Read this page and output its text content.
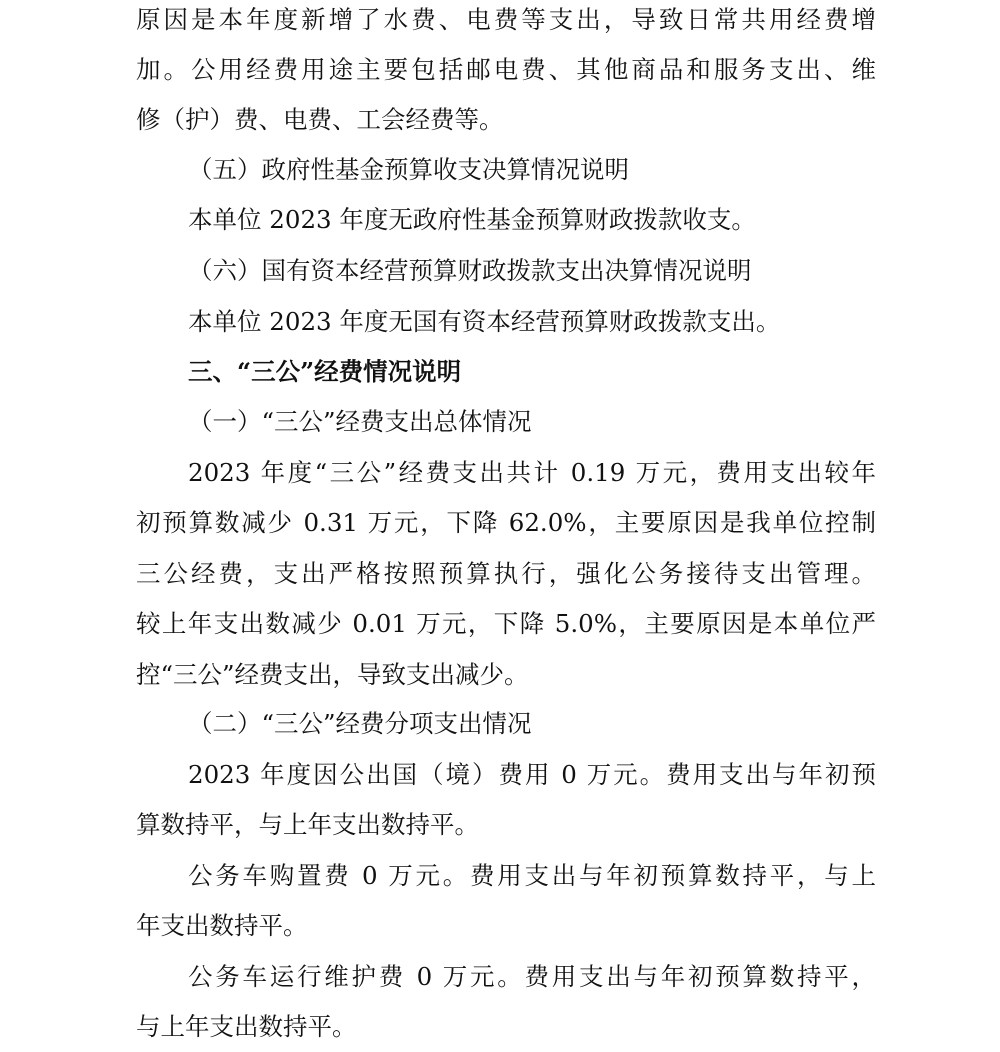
原因是本年度新增了水费、电费等支出，导致日常共用经费增
加。公用经费用途主要包括邮电费、其他商品和服务支出、维
修（护）费、电费、工会经费等。
（五）政府性基金预算收支决算情况说明
本单位 2023 年度无政府性基金预算财政拨款收支。
（六）国有资本经营预算财政拨款支出决算情况说明
本单位 2023 年度无国有资本经营预算财政拨款支出。
三、“三公”经费情况说明
（一）“三公”经费支出总体情况
2023 年度“三公”经费支出共计 0.19 万元，费用支出较年
初预算数减少 0.31 万元，下降 62.0%，主要原因是我单位控制
三公经费，支出严格按照预算执行，强化公务接待支出管理。
较上年支出数减少 0.01 万元，下降 5.0%，主要原因是本单位严
控“三公”经费支出，导致支出减少。
（二）“三公”经费分项支出情况
2023 年度因公出国（境）费用 0 万元。费用支出与年初预
算数持平，与上年支出数持平。
公务车购置费 0 万元。费用支出与年初预算数持平，与上
年支出数持平。
公务车运行维护费 0 万元。费用支出与年初预算数持平，
与上年支出数持平。
